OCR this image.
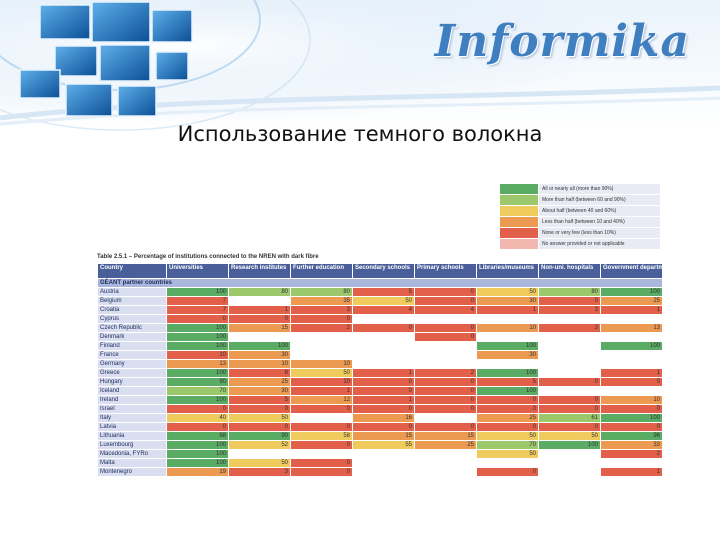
Informika
Использование темного волокна
	All or nearly all (more than 90%)
	More than half (between 60 and 90%)
	About half (between 40 and 60%)
	Less than half (between 10 and 40%)
	None or very few (less than 10%)
	No answer provided or not applicable
Table 2.5.1 – Percentage of institutions connected to the NREN with dark fibre
Country	Universities	Research institutes	Further education	Secondary schools	Primary schools	Libraries/museums	Non-uni. hospitals	Government departments
GÉANT partner countries								
Austria	100	80	80	5	0	50	80	100
Belgium	7		35	50	0	30	0	25
Croatia	7	1	3	4	4	1	3	1
Cyprus	0	0	0					
Czech Republic	100	15	2	0	0	10	3	13
Denmark	100				0			
Finland	100	100				100		100
France	10	30				30		
Germany	13	10	10					
Greece	100	8	50	1	2	100		1
Hungary	90	25	10	0	0	5	0	0
Iceland	70	30	1	0	0	100		
Ireland	100	5	12	1	0	0	0	10
Israel	0	0	0	0	0	0	0	0
Italy	40	50		16		25	61	100
Latvia	0	0	0	0	0	0	0	0
Lithuania	98	90	58	15	15	50	50	96
Luxembourg	100	52	0	55	25	70	100	33
Macedonia, FYRo	100					50		2
Malta	100	50	0					
Montenegro	19	3	0			0		1
